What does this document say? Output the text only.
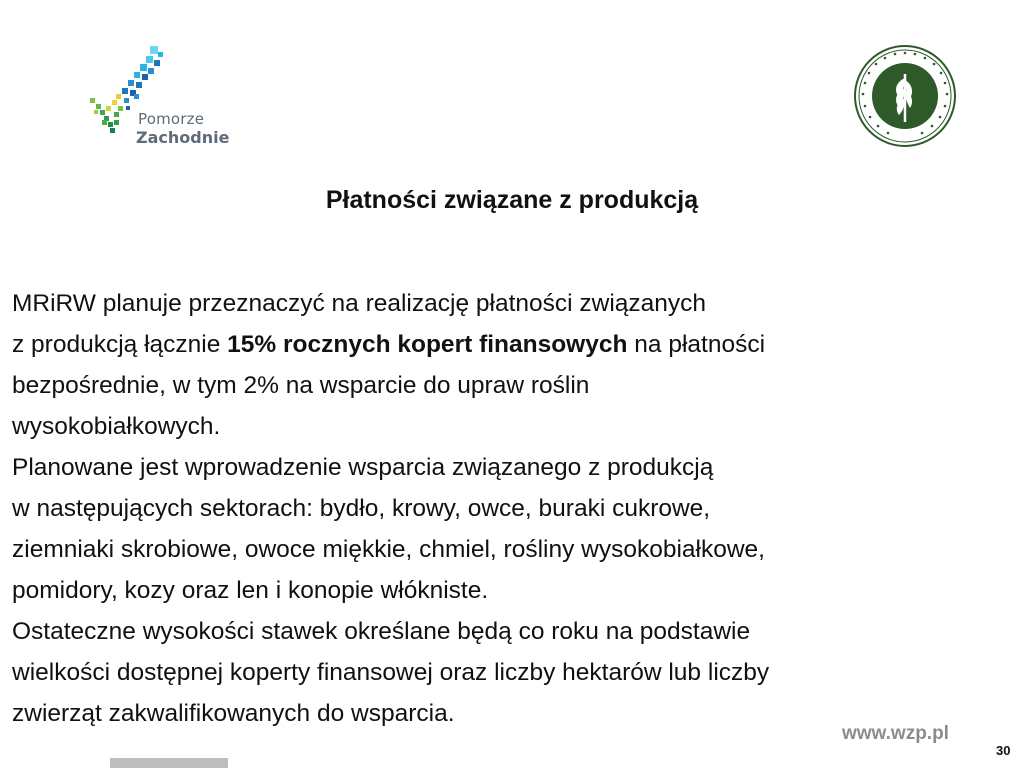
Pomorze
Zachodnie
Płatności związane z produkcją

MRiRW planuje przeznaczyć na realizację płatności związanych
z produkcją łącznie 15% rocznych kopert finansowych na płatności
bezpośrednie, w tym 2% na wsparcie do upraw roślin
wysokobiałkowych.

Planowane jest wprowadzenie wsparcia związanego z produkcją
w następujących sektorach: bydło, krowy, owce, buraki cukrowe,
ziemniaki skrobiowe, owoce miękkie, chmiel, rośliny wysokobiałkowe,
pomidory, kozy oraz len i konopie włókniste.

Ostateczne wysokości stawek określane będą co roku na podstawie
wielkości dostępnej koperty finansowej oraz liczby hektarów lub liczby
zwierząt zakwalifikowanych do wsparcia.

www.wzp.pl
30
